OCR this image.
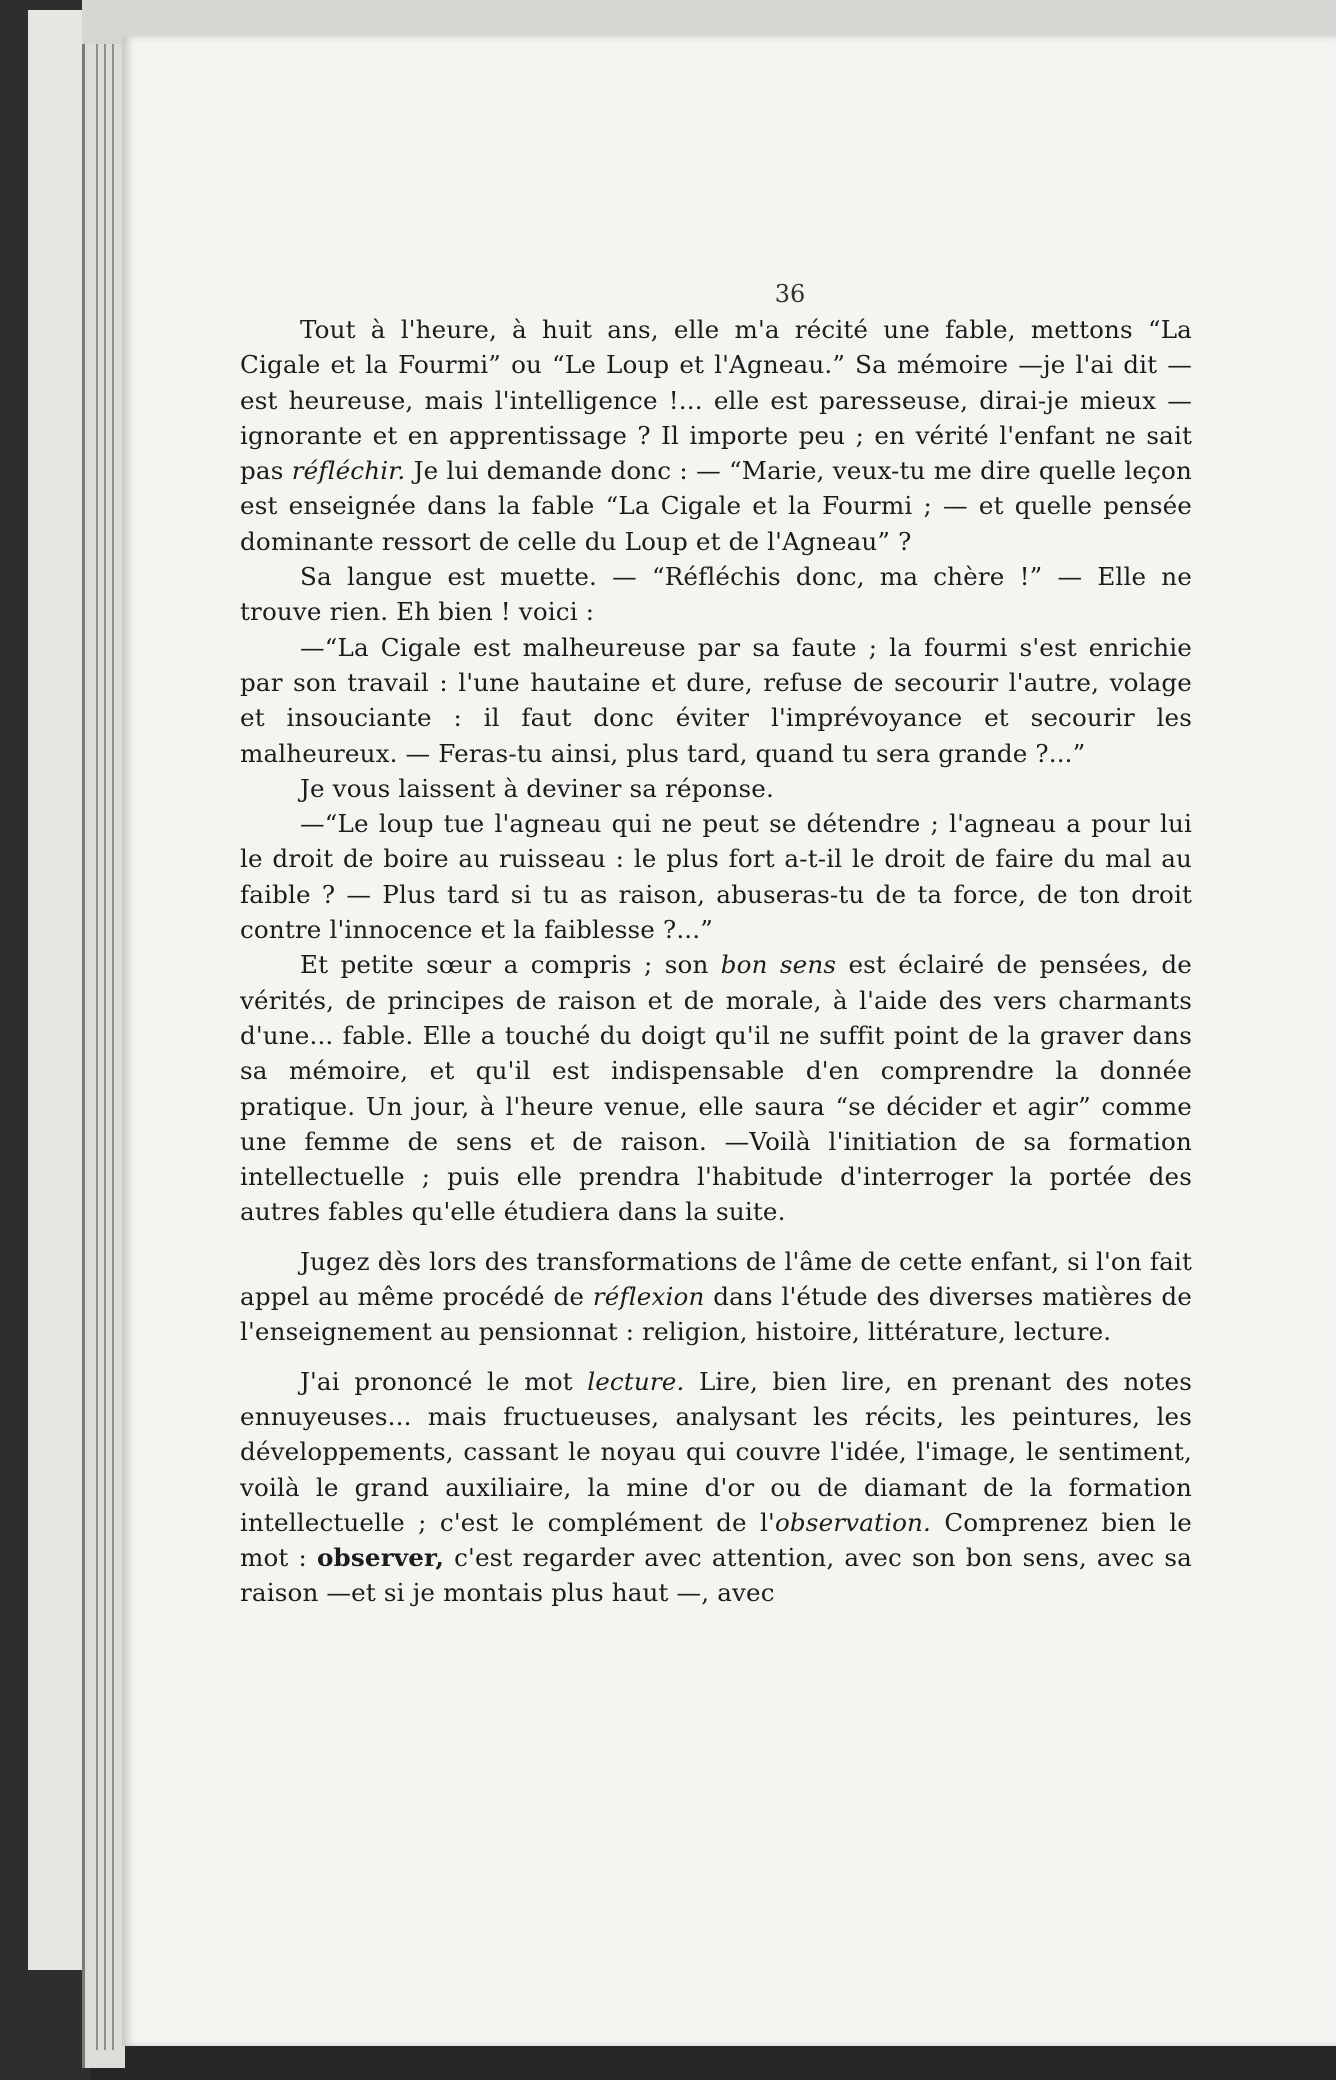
36

Tout à l'heure, à huit ans, elle m'a récité une fable, mettons “La Cigale et la Fourmi” ou “Le Loup et l'Agneau.” Sa mémoire —je l'ai dit — est heureuse, mais l'intelligence !... elle est paresseuse, dirai-je mieux — ignorante et en apprentissage ? Il importe peu ; en vérité l'enfant ne sait pas réfléchir. Je lui demande donc : — “Marie, veux-tu me dire quelle leçon est enseignée dans la fable “La Cigale et la Fourmi ; — et quelle pensée dominante ressort de celle du Loup et de l'Agneau” ?

Sa langue est muette. — “Réfléchis donc, ma chère !” — Elle ne trouve rien. Eh bien ! voici :

—“La Cigale est malheureuse par sa faute ; la fourmi s'est enrichie par son travail : l'une hautaine et dure, refuse de secourir l'autre, volage et insouciante : il faut donc éviter l'imprévoyance et secourir les malheureux. — Feras-tu ainsi, plus tard, quand tu sera grande ?...”

Je vous laissent à deviner sa réponse.

—“Le loup tue l'agneau qui ne peut se détendre ; l'agneau a pour lui le droit de boire au ruisseau : le plus fort a-t-il le droit de faire du mal au faible ? — Plus tard si tu as raison, abuseras-tu de ta force, de ton droit contre l'innocence et la faiblesse ?...”

Et petite sœur a compris ; son bon sens est éclairé de pensées, de vérités, de principes de raison et de morale, à l'aide des vers charmants d'une... fable. Elle a touché du doigt qu'il ne suffit point de la graver dans sa mémoire, et qu'il est indispensable d'en comprendre la donnée pratique. Un jour, à l'heure venue, elle saura “se décider et agir” comme une femme de sens et de raison. —Voilà l'initiation de sa formation intellectuelle ; puis elle prendra l'habitude d'interroger la portée des autres fables qu'elle étudiera dans la suite.

Jugez dès lors des transformations de l'âme de cette enfant, si l'on fait appel au même procédé de réflexion dans l'étude des diverses matières de l'enseignement au pensionnat : religion, histoire, littérature, lecture.

J'ai prononcé le mot lecture. Lire, bien lire, en prenant des notes ennuyeuses... mais fructueuses, analysant les récits, les peintures, les développements, cassant le noyau qui couvre l'idée, l'image, le sentiment, voilà le grand auxiliaire, la mine d'or ou de diamant de la formation intellectuelle ; c'est le complément de l'observation. Comprenez bien le mot : observer, c'est regarder avec attention, avec son bon sens, avec sa raison —et si je montais plus haut —, avec
